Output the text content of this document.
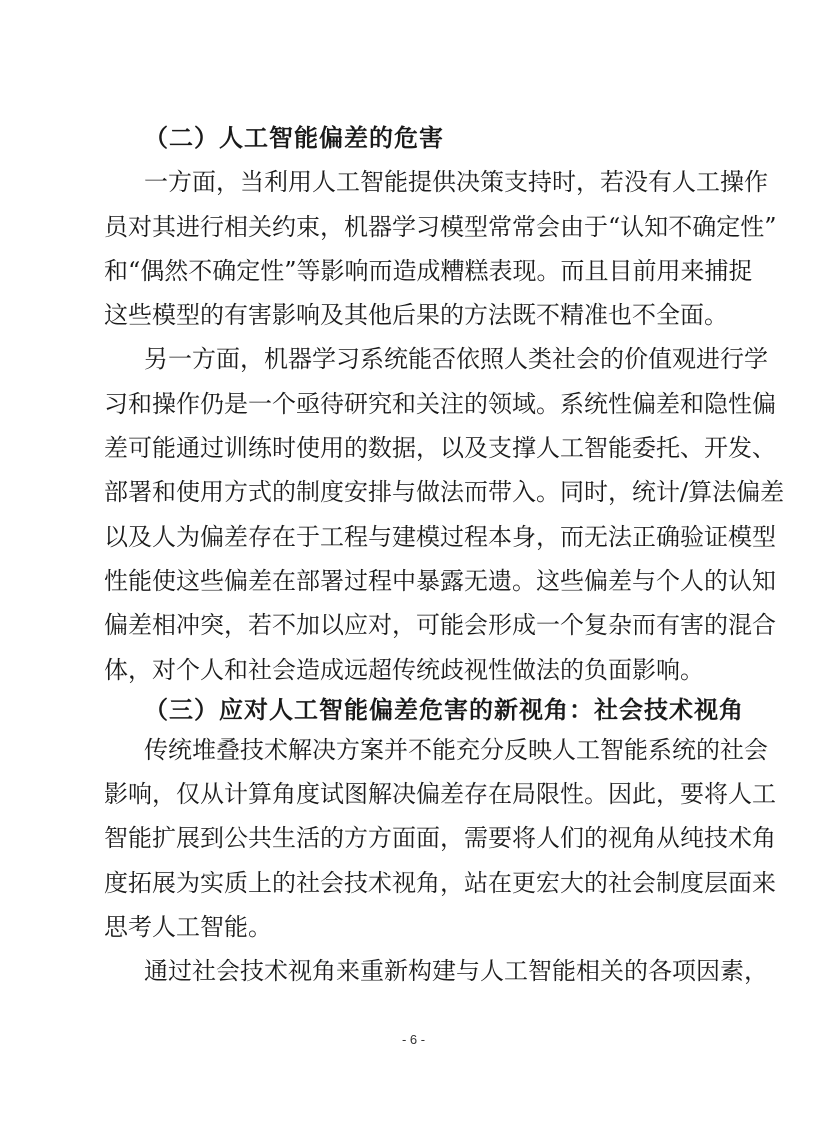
（二）人工智能偏差的危害
一方面，当利用人工智能提供决策支持时，若没有人工操作
员对其进行相关约束，机器学习模型常常会由于“认知不确定性”
和“偶然不确定性”等影响而造成糟糕表现。而且目前用来捕捉
这些模型的有害影响及其他后果的方法既不精准也不全面。
另一方面，机器学习系统能否依照人类社会的价值观进行学
习和操作仍是一个亟待研究和关注的领域。系统性偏差和隐性偏
差可能通过训练时使用的数据，以及支撑人工智能委托、开发、
部署和使用方式的制度安排与做法而带入。同时，统计/算法偏差
以及人为偏差存在于工程与建模过程本身，而无法正确验证模型
性能使这些偏差在部署过程中暴露无遗。这些偏差与个人的认知
偏差相冲突，若不加以应对，可能会形成一个复杂而有害的混合
体，对个人和社会造成远超传统歧视性做法的负面影响。
（三）应对人工智能偏差危害的新视角：社会技术视角
传统堆叠技术解决方案并不能充分反映人工智能系统的社会
影响，仅从计算角度试图解决偏差存在局限性。因此，要将人工
智能扩展到公共生活的方方面面，需要将人们的视角从纯技术角
度拓展为实质上的社会技术视角，站在更宏大的社会制度层面来
思考人工智能。
通过社会技术视角来重新构建与人工智能相关的各项因素，
- 6 -
